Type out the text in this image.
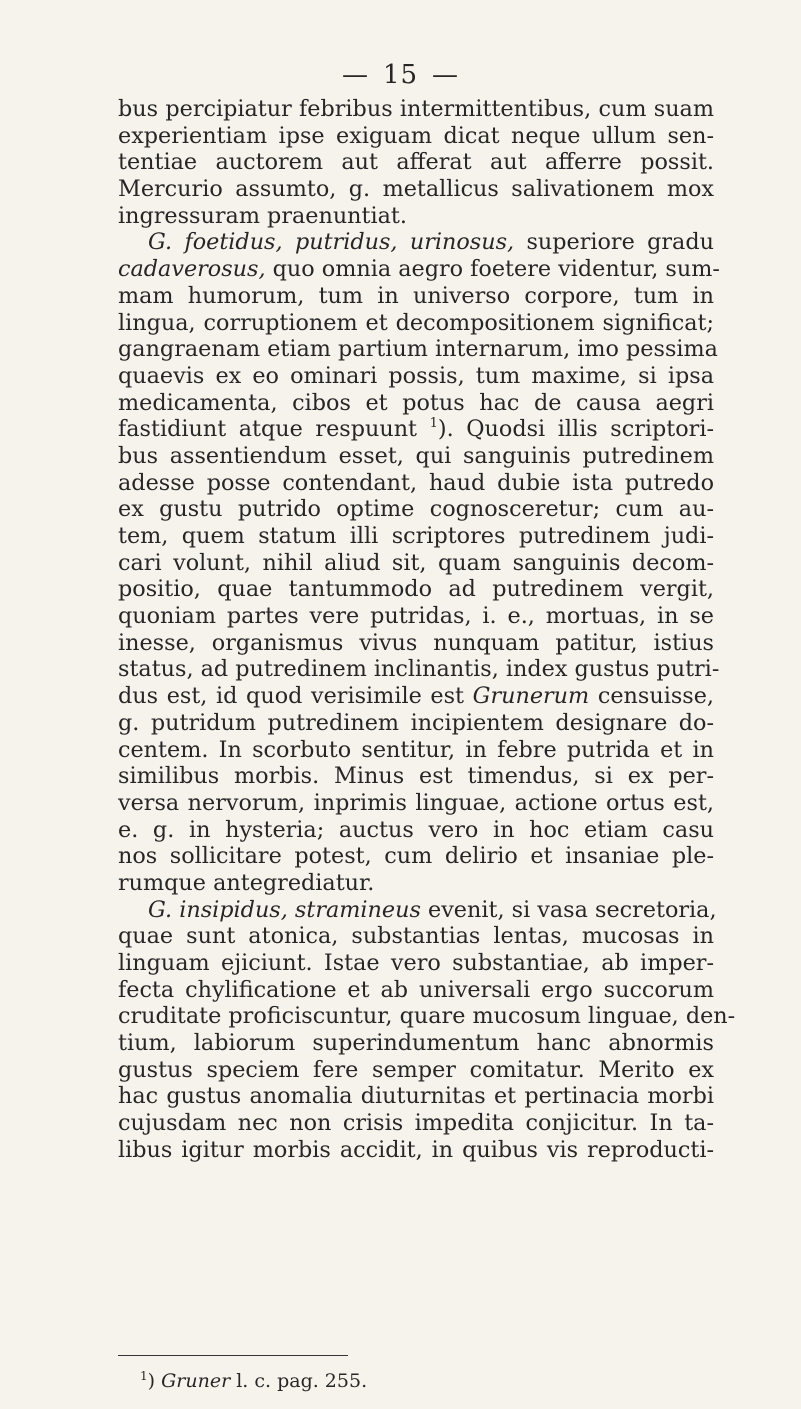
— 15 —
bus percipiatur febribus intermittentibus, cum suam
experientiam ipse exiguam dicat neque ullum sen-
tentiae auctorem aut afferat aut afferre possit.
Mercurio assumto, g. metallicus salivationem mox
ingressuram praenuntiat.
G. foetidus, putridus, urinosus, superiore gradu
cadaverosus, quo omnia aegro foetere videntur, sum-
mam humorum, tum in universo corpore, tum in
lingua, corruptionem et decompositionem significat;
gangraenam etiam partium internarum, imo pessima
quaevis ex eo ominari possis, tum maxime, si ipsa
medicamenta, cibos et potus hac de causa aegri
fastidiunt atque respuunt $^1$). Quodsi illis scriptori-
bus assentiendum esset, qui sanguinis putredinem
adesse posse contendant, haud dubie ista putredo
ex gustu putrido optime cognosceretur; cum au-
tem, quem statum illi scriptores putredinem judi-
cari volunt, nihil aliud sit, quam sanguinis decom-
positio, quae tantummodo ad putredinem vergit,
quoniam partes vere putridas, i. e., mortuas, in se
inesse, organismus vivus nunquam patitur, istius
status, ad putredinem inclinantis, index gustus putri-
dus est, id quod verisimile est Grunerum censuisse,
g. putridum putredinem incipientem designare do-
centem. In scorbuto sentitur, in febre putrida et in
similibus morbis. Minus est timendus, si ex per-
versa nervorum, inprimis linguae, actione ortus est,
e. g. in hysteria; auctus vero in hoc etiam casu
nos sollicitare potest, cum delirio et insaniae ple-
rumque antegrediatur.
G. insipidus, stramineus evenit, si vasa secretoria,
quae sunt atonica, substantias lentas, mucosas in
linguam ejiciunt. Istae vero substantiae, ab imper-
fecta chylificatione et ab universali ergo succorum
cruditate proficiscuntur, quare mucosum linguae, den-
tium, labiorum superindumentum hanc abnormis
gustus speciem fere semper comitatur. Merito ex
hac gustus anomalia diuturnitas et pertinacia morbi
cujusdam nec non crisis impedita conjicitur. In ta-
libus igitur morbis accidit, in quibus vis reproducti-
$^1$) Gruner l. c. pag. 255.
